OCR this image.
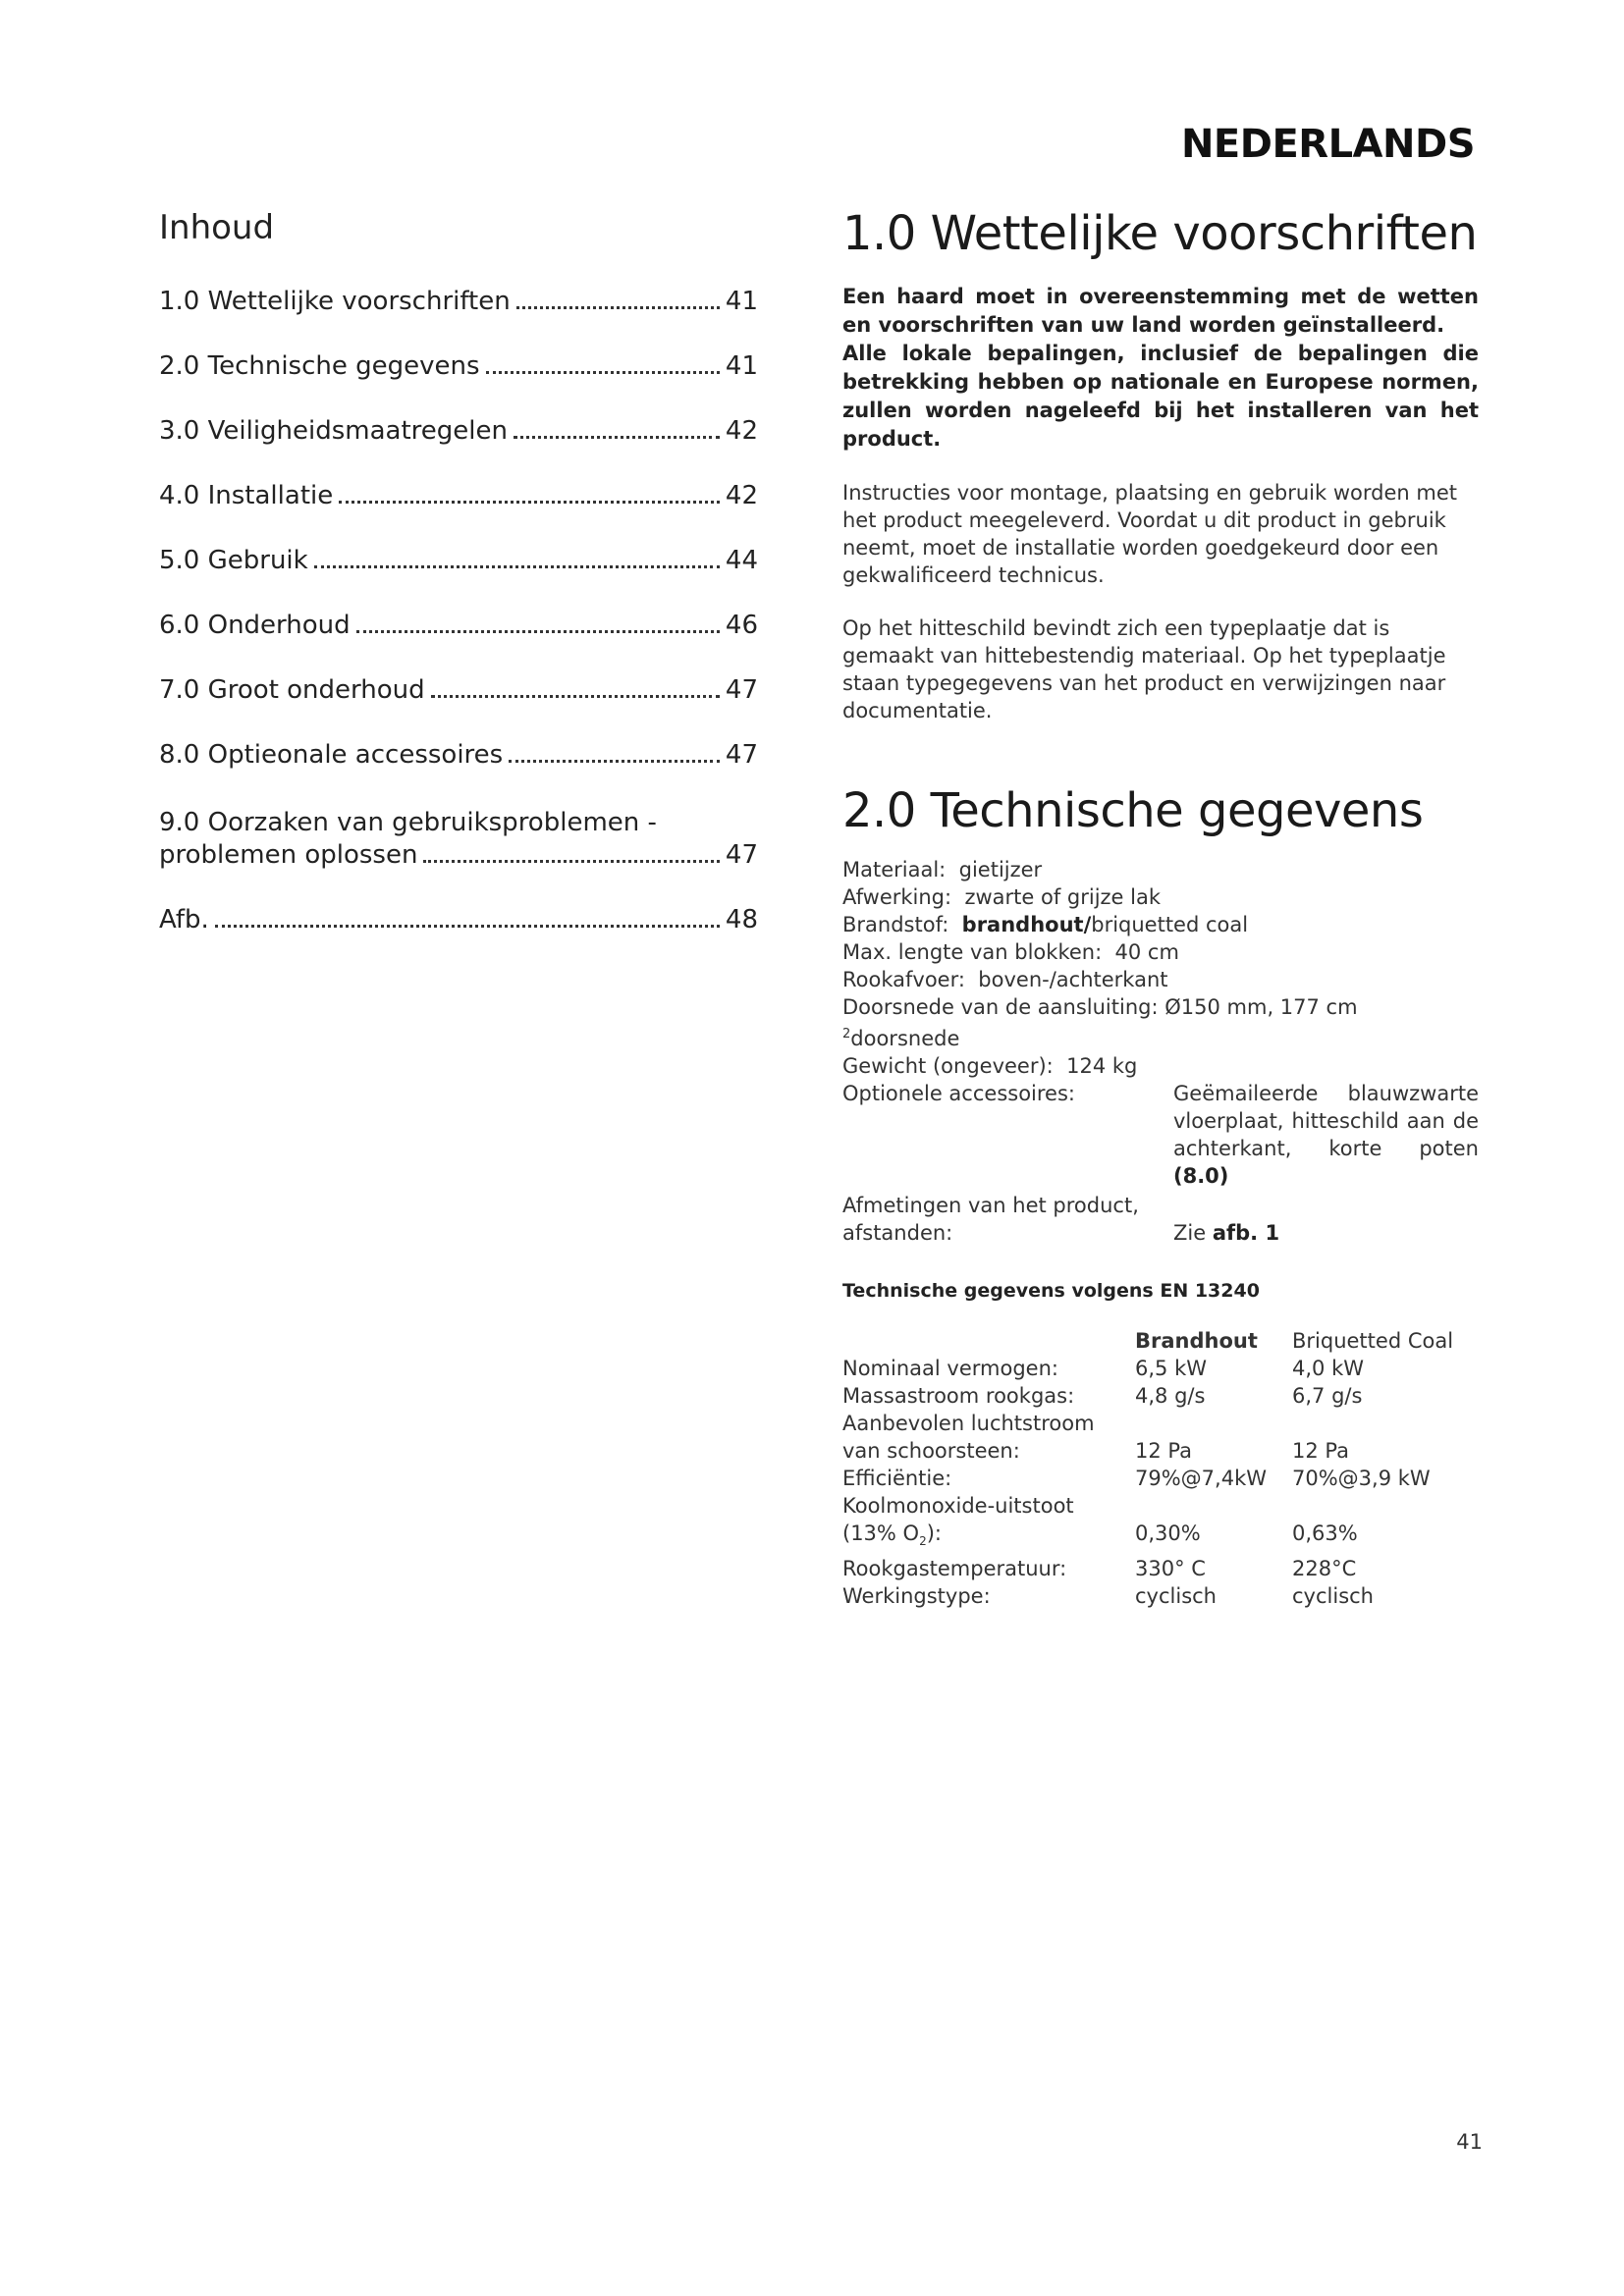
NEDERLANDS
Inhoud
1.0 Wettelijke voorschriften	41
2.0 Technische gegevens	41
3.0 Veiligheidsmaatregelen	42
4.0 Installatie	42
5.0 Gebruik	44
6.0 Onderhoud	46
7.0 Groot onderhoud	47
8.0 Optieonale accessoires	47
9.0 Oorzaken van gebruiksproblemen -
problemen oplossen	47
Afb.	48
1.0 Wettelijke voorschriften

Een haard moet in overeenstemming met de wetten en voorschriften van uw land worden geïnstalleerd.

Alle lokale bepalingen, inclusief de bepalingen die betrekking hebben op nationale en Europese normen, zullen worden nageleefd bij het installeren van het product.

Instructies voor montage, plaatsing en gebruik worden met het product meegeleverd. Voordat u dit product in gebruik neemt, moet de installatie worden goedgekeurd door een gekwalificeerd technicus.

Op het hitteschild bevindt zich een typeplaatje dat is gemaakt van hittebestendig materiaal. Op het typeplaatje staan typegegevens van het product en verwijzingen naar documentatie.

2.0 Technische gegevens
Materiaal: gietijzer
Afwerking: zwarte of grijze lak
Brandstof: brandhout/briquetted coal
Max. lengte van blokken: 40 cm
Rookafvoer: boven-/achterkant
Doorsnede van de aansluiting: Ø150 mm, 177 cm $^2$doorsnede
Gewicht (ongeveer): 124 kg
Optionele accessoires:	Geëmaileerde blauwzwarte vloerplaat, hitteschild aan de achterkant, korte poten (8.0)
Afmetingen van het product,
afstanden:	Zie afb. 1
Technische gegevens volgens EN 13240
	Brandhout	Briquetted Coal
Nominaal vermogen:	6,5 kW	4,0 kW
Massastroom rookgas:	4,8 g/s	6,7 g/s
Aanbevolen luchtstroom		
van schoorsteen:	12 Pa	12 Pa
Efficiëntie:	79%@7,4kW	70%@3,9 kW
Koolmonoxide-uitstoot		
(13% $O_2$):	0,30%	0,63%
Rookgastemperatuur:	330° C	228°C
Werkingstype:	cyclisch	cyclisch
41
